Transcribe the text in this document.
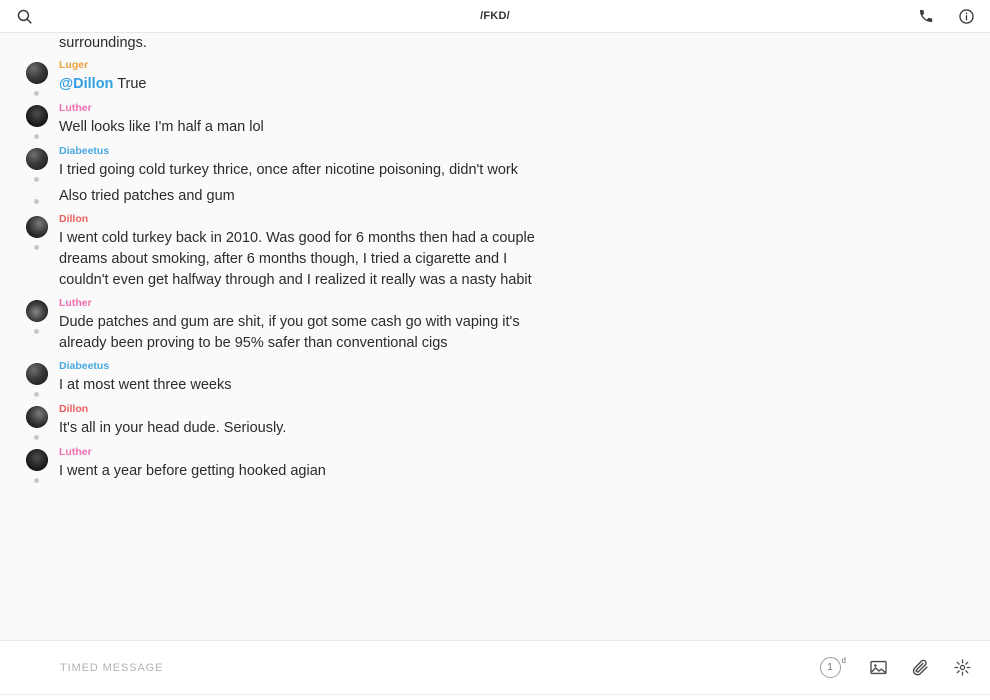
/FKD/
surroundings.
Luger
@Dillon True
Luther
Well looks like I'm half a man lol
Diabeetus
I tried going cold turkey thrice, once after nicotine poisoning, didn't work
Also tried patches and gum
Dillon
I went cold turkey back in 2010. Was good for 6 months then had a couple dreams about smoking, after 6 months though, I tried a cigarette and I couldn't even get halfway through and I realized it really was a nasty habit
Luther
Dude patches and gum are shit, if you got some cash go with vaping it's already been proving to be 95% safer than conventional cigs
Diabeetus
I at most went three weeks
Dillon
It's all in your head dude. Seriously.
Luther
I went a year before getting hooked agian
TIMED MESSAGE
1
d
